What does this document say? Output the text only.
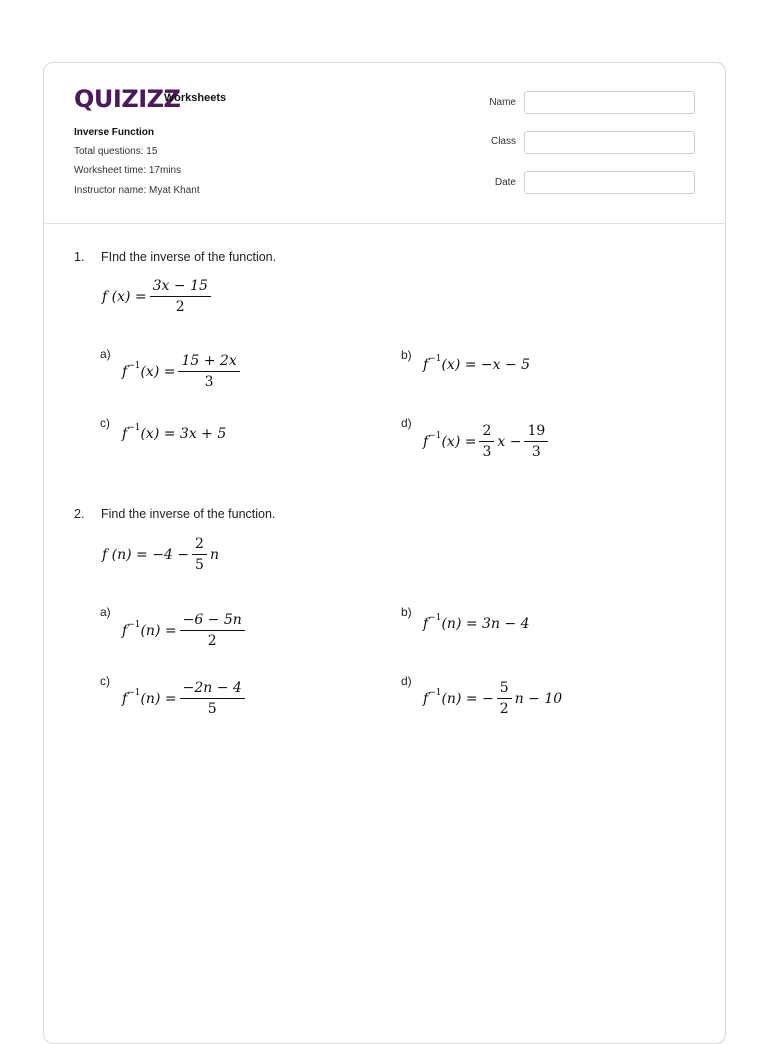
QUIZIZZ
Worksheets
Inverse Function
Total questions: 15
Worksheet time: 17mins
Instructor name: Myat Khant
Name
Class
Date
1. FInd the inverse of the function.
f $(x) = \frac{3x - 15}{2}$
a)
$f^{-1}$ $(x) = \frac{15 + 2x}{3}$	b)
$f^{-1}$ (x) = −x − 5
c)
$f^{-1}$ (x) = 3x + 5
d)
$f^{-1}$ $(x) = \frac{2}{3}$ $x - \frac{19}{3}$
2. Find the inverse of the function.
f $(n) = -4 - \frac{2}{5}$ n
a)
$f^{-1}$ $(n) = \frac{-6 - 5n}{2}$	b)
$f^{-1}$ (n) = 3n − 4
c)
$f^{-1}$ $(n) = \frac{-2n - 4}{5}$	d)
$f^{-1}$ (n) = − $\frac{5}{2}$ n − 10
